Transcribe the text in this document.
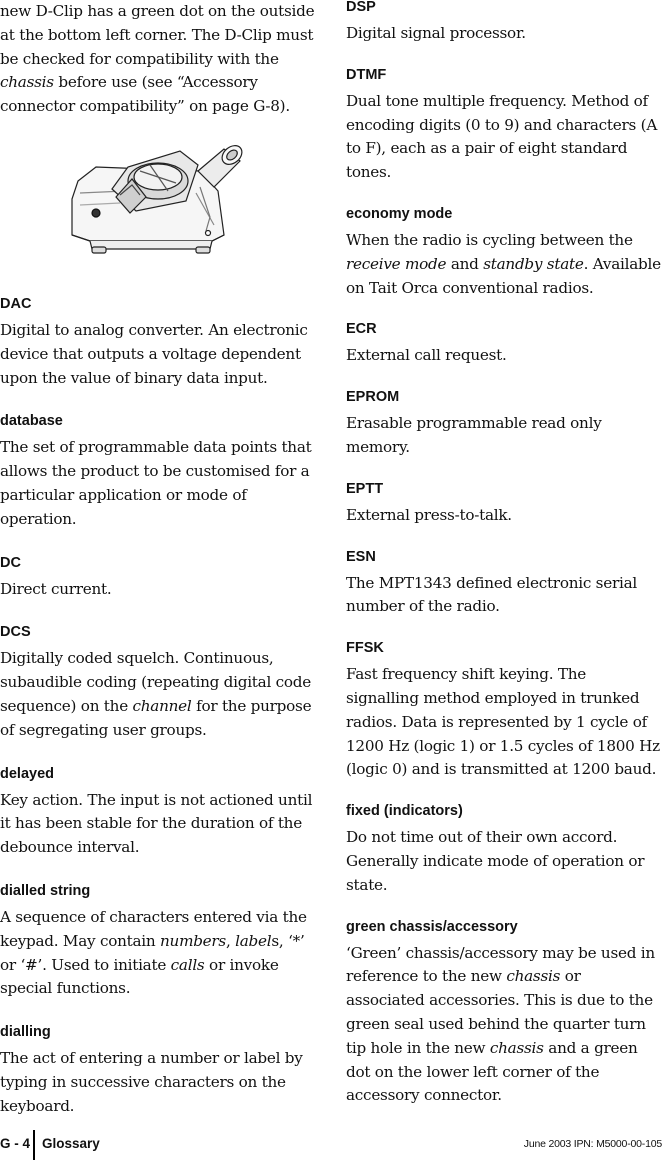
new D-Clip has a green dot on the outside at the bottom left corner. The D-Clip must be checked for compatibility with the chassis before use (see “Accessory connector compatibility” on page G-8).

DAC

Digital to analog converter. An electronic device that outputs a voltage dependent upon the value of binary data input.

database

The set of programmable data points that allows the product to be customised for a particular application or mode of operation.

DC

Direct current.

DCS

Digitally coded squelch. Continuous, subaudible coding (repeating digital code sequence) on the channel for the purpose of segregating user groups.

delayed

Key action. The input is not actioned until it has been stable for the duration of the debounce interval.

dialled string

A sequence of characters entered via the keypad. May contain numbers, labels, ‘*’ or ‘#’. Used to initiate calls or invoke special functions.

dialling

The act of entering a number or label by typing in successive characters on the keyboard.

DSP

Digital signal processor.

DTMF

Dual tone multiple frequency. Method of encoding digits (0 to 9) and characters (A to F), each as a pair of eight standard tones.

economy mode

When the radio is cycling between the receive mode and standby state. Available on Tait Orca conventional radios.

ECR

External call request.

EPROM

Erasable programmable read only memory.

EPTT

External press-to-talk.

ESN

The MPT1343 defined electronic serial number of the radio.

FFSK

Fast frequency shift keying. The signalling method employed in trunked radios. Data is represented by 1 cycle of 1200 Hz (logic 1) or 1.5 cycles of 1800 Hz (logic 0) and is transmitted at 1200 baud.

fixed (indicators)

Do not time out of their own accord. Generally indicate mode of operation or state.

green chassis/accessory

‘Green’ chassis/accessory may be used in reference to the new chassis or associated accessories. This is due to the green seal used behind the quarter turn tip hole in the new chassis and a green dot on the lower left corner of the accessory connector.

G - 4 Glossary	June 2003 IPN: M5000-00-105
